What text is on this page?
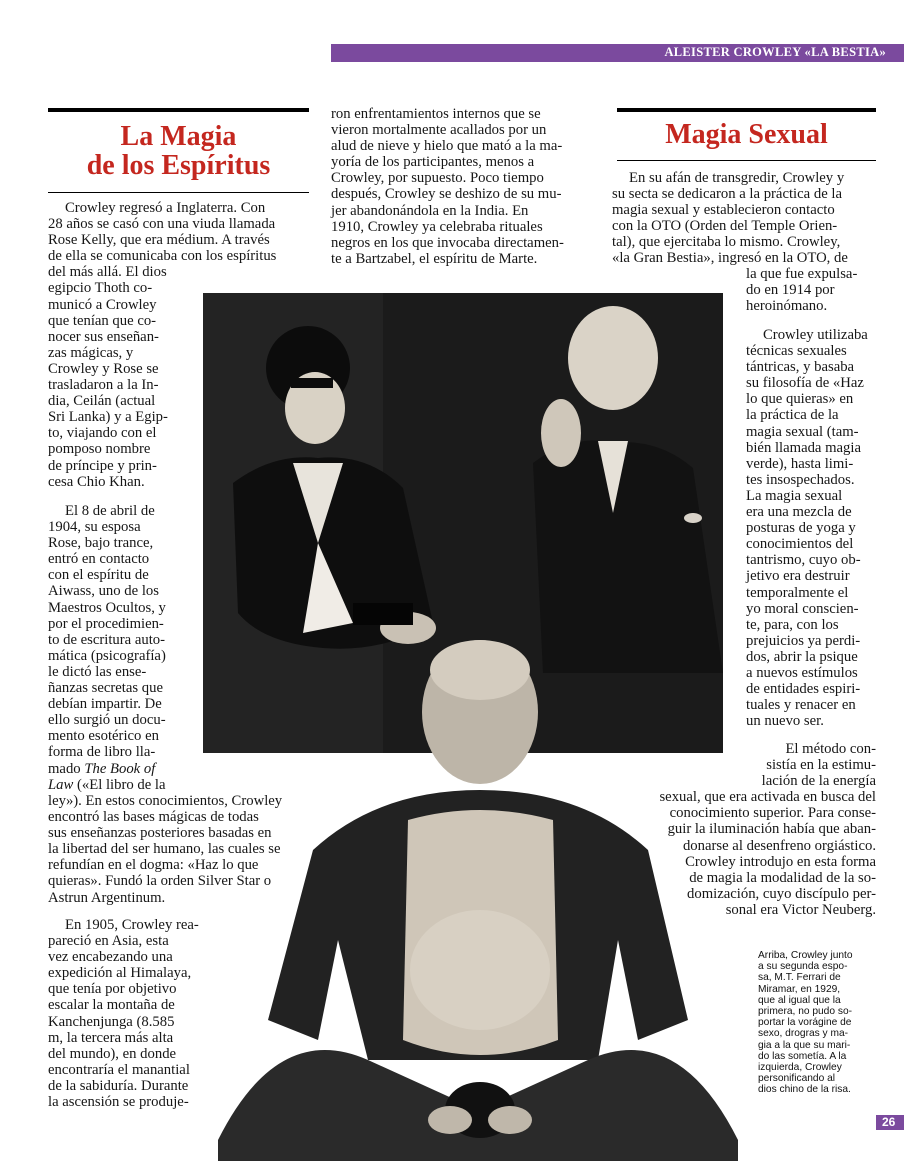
ALEISTER CROWLEY «LA BESTIA»
La Magia
de los Espíritus
Magia Sexual
Crowley regresó a Inglaterra. Con
28 años se casó con una viuda llamada
Rose Kelly, que era médium. A través
de ella se comunicaba con los espíritus
del más allá. El dios
egipcio Thoth co-
municó a Crowley
que tenían que co-
nocer sus enseñan-
zas mágicas, y
Crowley y Rose se
trasladaron a la In-
dia, Ceilán (actual
Sri Lanka) y a Egip-
to, viajando con el
pomposo nombre
de príncipe y prin-
cesa Chio Khan.
El 8 de abril de
1904, su esposa
Rose, bajo trance,
entró en contacto
con el espíritu de
Aiwass, uno de los
Maestros Ocultos, y
por el procedimien-
to de escritura auto-
mática (psicografía)
le dictó las ense-
ñanzas secretas que
debían impartir. De
ello surgió un docu-
mento esotérico en
forma de libro lla-
mado The Book of
Law («El libro de la
ley»). En estos conocimientos, Crowley
encontró las bases mágicas de todas
sus enseñanzas posteriores basadas en
la libertad del ser humano, las cuales se
refundían en el dogma: «Haz lo que
quieras». Fundó la orden Silver Star o
Astrun Argentinum.
En 1905, Crowley rea-
pareció en Asia, esta
vez encabezando una
expedición al Himalaya,
que tenía por objetivo
escalar la montaña de
Kanchenjunga (8.585
m, la tercera más alta
del mundo), en donde
encontraría el manantial
de la sabiduría. Durante
la ascensión se produje-
ron enfrentamientos internos que se
vieron mortalmente acallados por un
alud de nieve y hielo que mató a la ma-
yoría de los participantes, menos a
Crowley, por supuesto. Poco tiempo
después, Crowley se deshizo de su mu-
jer abandonándola en la India. En
1910, Crowley ya celebraba rituales
negros en los que invocaba directamen-
te a Bartzabel, el espíritu de Marte.
En su afán de transgredir, Crowley y
su secta se dedicaron a la práctica de la
magia sexual y establecieron contacto
con la OTO (Orden del Temple Orien-
tal), que ejercitaba lo mismo. Crowley,
«la Gran Bestia», ingresó en la OTO, de
la que fue expulsa-
do en 1914 por
heroinómano.
Crowley utilizaba
técnicas sexuales
tántricas, y basaba
su filosofía de «Haz
lo que quieras» en
la práctica de la
magia sexual (tam-
bién llamada magia
verde), hasta limi-
tes insospechados.
La magia sexual
era una mezcla de
posturas de yoga y
conocimientos del
tantrismo, cuyo ob-
jetivo era destruir
temporalmente el
yo moral conscien-
te, para, con los
prejuicios ya perdi-
dos, abrir la psique
a nuevos estímulos
de entidades espiri-
tuales y renacer en
un nuevo ser.
El método con-
sistía en la estimu-
lación de la energía
sexual, que era activada en busca del
conocimiento superior. Para conse-
guir la iluminación había que aban-
donarse al desenfreno orgiástico.
Crowley introdujo en esta forma
de magia la modalidad de la so-
domización, cuyo discípulo per-
sonal era Victor Neuberg.
Arriba, Crowley junto
a su segunda espo-
sa, M.T. Ferrari de
Miramar, en 1929,
que al igual que la
primera, no pudo so-
portar la vorágine de
sexo, drogras y ma-
gia a la que su mari-
do las sometía. A la
izquierda, Crowley
personificando al
dios chino de la risa.
26
